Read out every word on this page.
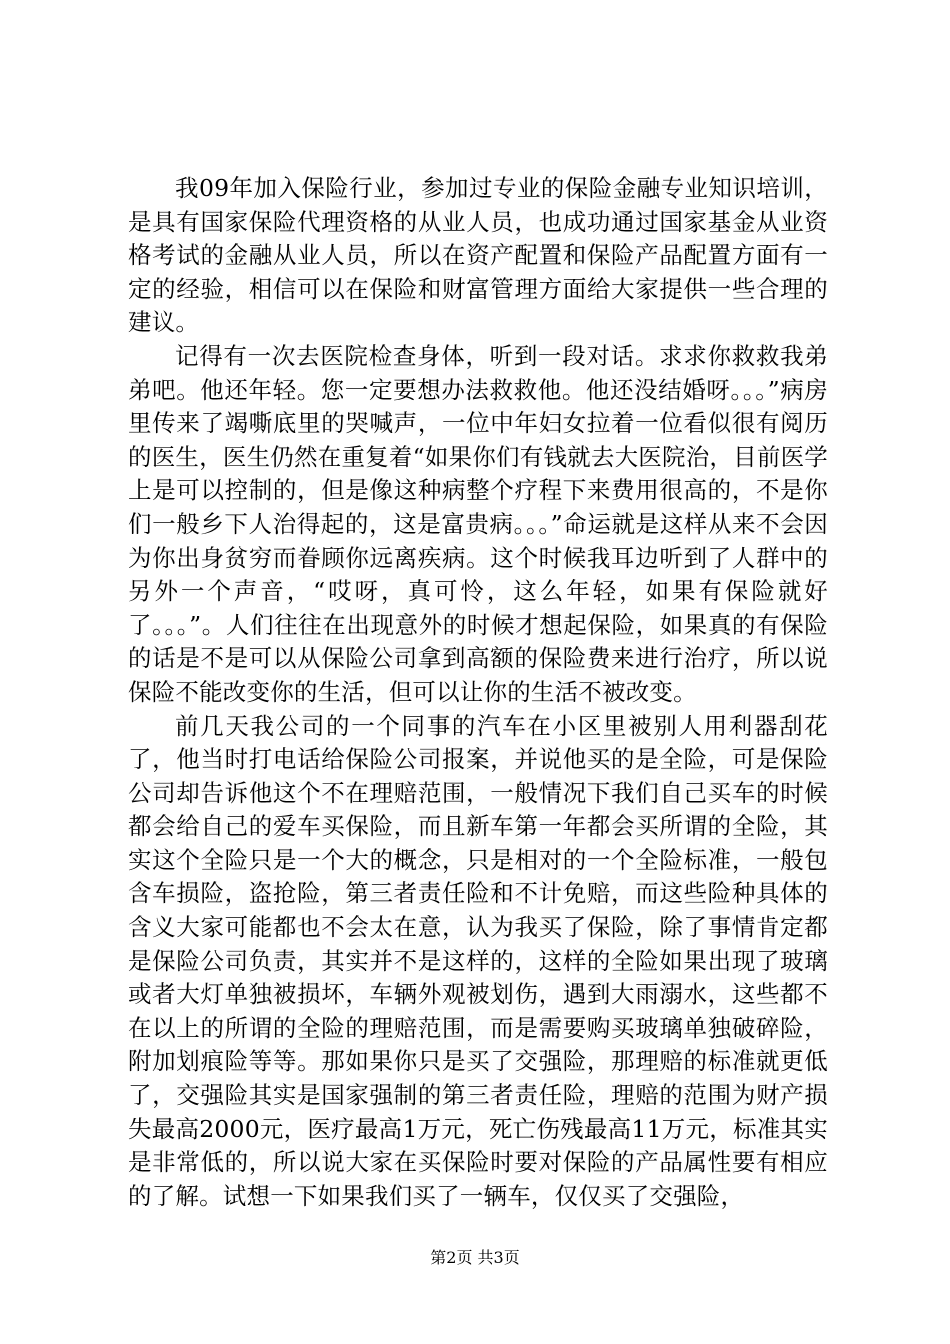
我09年加入保险行业，参加过专业的保险金融专业知识培训，是具有国家保险代理资格的从业人员，也成功通过国家基金从业资格考试的金融从业人员，所以在资产配置和保险产品配置方面有一定的经验，相信可以在保险和财富管理方面给大家提供一些合理的建议。

记得有一次去医院检查身体，听到一段对话。求求你救救我弟弟吧。他还年轻。您一定要想办法救救他。他还没结婚呀。。。”病房里传来了竭嘶底里的哭喊声，一位中年妇女拉着一位看似很有阅历的医生，医生仍然在重复着“如果你们有钱就去大医院治，目前医学上是可以控制的，但是像这种病整个疗程下来费用很高的，不是你们一般乡下人治得起的，这是富贵病。。。”命运就是这样从来不会因为你出身贫穷而眷顾你远离疾病。这个时候我耳边听到了人群中的另外一个声音，“哎呀，真可怜，这么年轻，如果有保险就好了。。。”。人们往往在出现意外的时候才想起保险，如果真的有保险的话是不是可以从保险公司拿到高额的保险费来进行治疗，所以说保险不能改变你的生活，但可以让你的生活不被改变。

前几天我公司的一个同事的汽车在小区里被别人用利器刮花了，他当时打电话给保险公司报案，并说他买的是全险，可是保险公司却告诉他这个不在理赔范围，一般情况下我们自己买车的时候都会给自己的爱车买保险，而且新车第一年都会买所谓的全险，其实这个全险只是一个大的概念，只是相对的一个全险标准，一般包含车损险，盗抢险，第三者责任险和不计免赔，而这些险种具体的含义大家可能都也不会太在意，认为我买了保险，除了事情肯定都是保险公司负责，其实并不是这样的，这样的全险如果出现了玻璃或者大灯单独被损坏，车辆外观被划伤，遇到大雨溺水，这些都不在以上的所谓的全险的理赔范围，而是需要购买玻璃单独破碎险，附加划痕险等等。那如果你只是买了交强险，那理赔的标准就更低了，交强险其实是国家强制的第三者责任险，理赔的范围为财产损失最高2000元，医疗最高1万元，死亡伤残最高11万元，标准其实是非常低的，所以说大家在买保险时要对保险的产品属性要有相应的了解。试想一下如果我们买了一辆车，仅仅买了交强险，

第2页 共3页
